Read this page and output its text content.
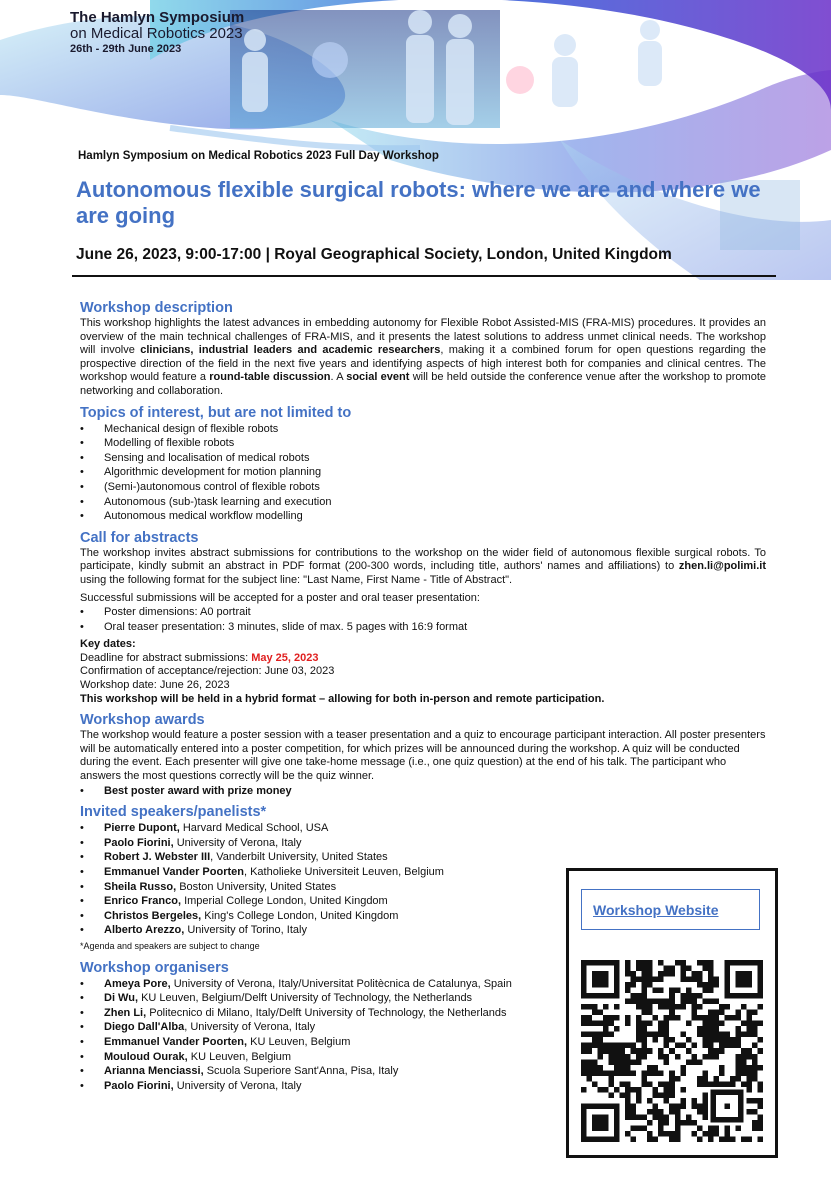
The Hamlyn Symposium
on Medical Robotics 2023
26th - 29th June 2023
Hamlyn Symposium on Medical Robotics 2023 Full Day Workshop
Autonomous flexible surgical robots: where we are and where we are going
June 26, 2023, 9:00-17:00 | Royal Geographical Society, London, United Kingdom
Workshop description

This workshop highlights the latest advances in embedding autonomy for Flexible Robot Assisted-MIS (FRA-MIS) procedures. It provides an overview of the main technical challenges of FRA-MIS, and it presents the latest solutions to address unmet clinical needs. The workshop will involve clinicians, industrial leaders and academic researchers, making it a combined forum for open questions regarding the prospective direction of the field in the next five years and identifying aspects of high interest both for companies and clinical centres. The workshop would feature a round-table discussion. A social event will be held outside the conference venue after the workshop to promote networking and collaboration.

Topics of interest, but are not limited to
• Mechanical design of flexible robots
• Modelling of flexible robots
• Sensing and localisation of medical robots
• Algorithmic development for motion planning
• (Semi-)autonomous control of flexible robots
• Autonomous (sub-)task learning and execution
• Autonomous medical workflow modelling
Call for abstracts

The workshop invites abstract submissions for contributions to the workshop on the wider field of autonomous flexible surgical robots. To participate, kindly submit an abstract in PDF format (200-300 words, including title, authors' names and affiliations) to zhen.li@polimi.it using the following format for the subject line: "Last Name, First Name - Title of Abstract".

Successful submissions will be accepted for a poster and oral teaser presentation:

• Poster dimensions: A0 portrait
• Oral teaser presentation: 3 minutes, slide of max. 5 pages with 16:9 format

Key dates:

Deadline for abstract submissions: May 25, 2023

Confirmation of acceptance/rejection: June 03, 2023

Workshop date: June 26, 2023

This workshop will be held in a hybrid format – allowing for both in-person and remote participation.

Workshop awards

The workshop would feature a poster session with a teaser presentation and a quiz to encourage participant interaction. All poster presenters will be automatically entered into a poster competition, for which prizes will be announced during the workshop. A quiz will be conducted during the event. Each presenter will give one take-home message (i.e., one quiz question) at the end of his talk. The participant who answers the most questions correctly will be the quiz winner.

• Best poster award with prize money
Invited speakers/panelists*
• Pierre Dupont, Harvard Medical School, USA
• Paolo Fiorini, University of Verona, Italy
• Robert J. Webster III, Vanderbilt University, United States
• Emmanuel Vander Poorten, Katholieke Universiteit Leuven, Belgium
• Sheila Russo, Boston University, United States
• Enrico Franco, Imperial College London, United Kingdom
• Christos Bergeles, King's College London, United Kingdom
• Alberto Arezzo, University of Torino, Italy

*Agenda and speakers are subject to change

Workshop organisers
• Ameya Pore, University of Verona, Italy/Universitat Politècnica de Catalunya, Spain
• Di Wu, KU Leuven, Belgium/Delft University of Technology, the Netherlands
• Zhen Li, Politecnico di Milano, Italy/Delft University of Technology, the Netherlands
• Diego Dall'Alba, University of Verona, Italy
• Emmanuel Vander Poorten, KU Leuven, Belgium
• Mouloud Ourak, KU Leuven, Belgium
• Arianna Menciassi, Scuola Superiore Sant'Anna, Pisa, Italy
• Paolo Fiorini, University of Verona, Italy
Workshop Website
